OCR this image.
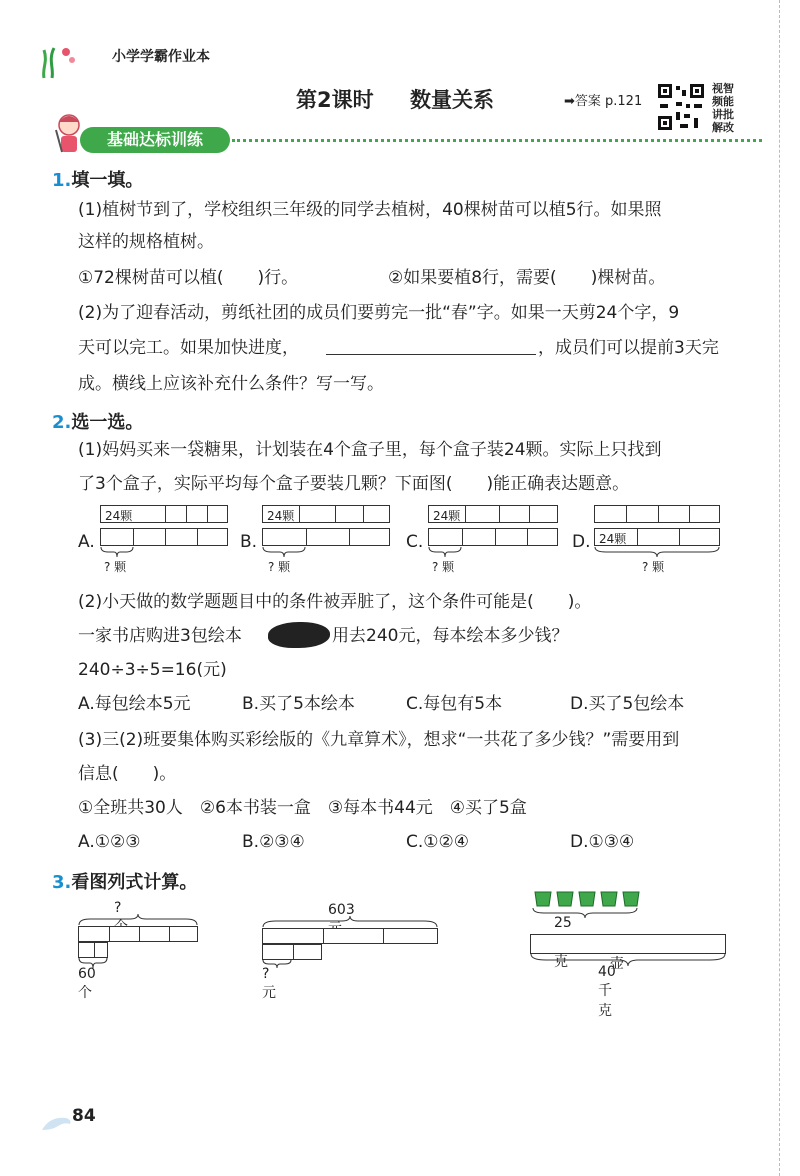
小学学霸作业本
第2课时 数量关系	➡答案 p.121
视智
频能
讲批
解改
基础达标训练
1.填一填。
(1)植树节到了，学校组织三年级的同学去植树，40棵树苗可以植5行。如果照
这样的规格植树。
①72棵树苗可以植(　　)行。	②如果要植8行，需要(　　)棵树苗。
(2)为了迎春活动，剪纸社团的成员们要剪完一批“春”字。如果一天剪24个字，9
天可以完工。如果加快进度，	，成员们可以提前3天完
成。横线上应该补充什么条件？写一写。
2.选一选。
(1)妈妈买来一袋糖果，计划装在4个盒子里，每个盒子装24颗。实际上只找到
了3个盒子，实际平均每个盒子要装几颗？下面图(　　)能正确表达题意。
A.
24颗
? 颗
B.
24颗
? 颗
C.
24颗
? 颗
D. 24颗
? 颗
(2)小天做的数学题题目中的条件被弄脏了，这个条件可能是(　　)。
一家书店购进3包绘本	用去240元，每本绘本多少钱？
240÷3÷5=16(元)
A.每包绘本5元	B.买了5本绘本	C.每包有5本	D.买了5包绘本
(3)三(2)班要集体购买彩绘版的《九章算术》，想求“一共花了多少钱？”需要用到
信息(　　)。
①全班共30人　②6本书装一盒　③每本书44元　④买了5盒
A.①②③	B.②③④	C.①②④	D.①③④
3.看图列式计算。
?
60个
603
?元
25 克	壶
40千克
84
